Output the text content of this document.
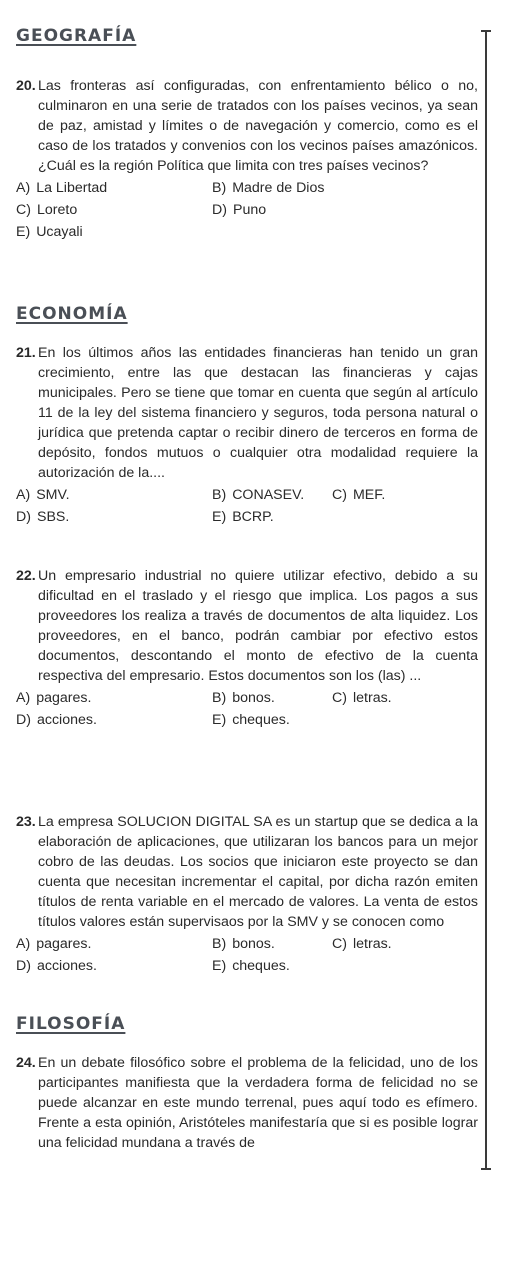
GEOGRAFÍA

20. Las fronteras así configuradas, con enfrentamiento bélico o no, culminaron en una serie de tratados con los países vecinos, ya sean de paz, amistad y límites o de navegación y comercio, como es el caso de los tratados y convenios con los vecinos países amazónicos. ¿Cuál es la región Política que limita con tres países vecinos?

A) La Libertad	B) Madre de Dios
C) Loreto	D) Puno
E) Ucayali
ECONOMÍA

21. En los últimos años las entidades financieras han tenido un gran crecimiento, entre las que destacan las financieras y cajas municipales. Pero se tiene que tomar en cuenta que según al artículo 11 de la ley del sistema financiero y seguros, toda persona natural o jurídica que pretenda captar o recibir dinero de terceros en forma de depósito, fondos mutuos o cualquier otra modalidad requiere la autorización de la....

A) SMV.	B) CONASEV. C) MEF.
D) SBS.	E) BCRP.

22. Un empresario industrial no quiere utilizar efectivo, debido a su dificultad en el traslado y el riesgo que implica. Los pagos a sus proveedores los realiza a través de documentos de alta liquidez. Los proveedores, en el banco, podrán cambiar por efectivo estos documentos, descontando el monto de efectivo de la cuenta respectiva del empresario. Estos documentos son los (las) ...

A) pagares.	B) bonos.	C) letras.
D) acciones.	E) cheques.

23. La empresa SOLUCION DIGITAL SA es un startup que se dedica a la elaboración de aplicaciones, que utilizaran los bancos para un mejor cobro de las deudas. Los socios que iniciaron este proyecto se dan cuenta que necesitan incrementar el capital, por dicha razón emiten títulos de renta variable en el mercado de valores. La venta de estos títulos valores están supervisaos por la SMV y se conocen como

A) pagares.	B) bonos.	C) letras.
D) acciones.	E) cheques.
FILOSOFÍA

24. En un debate filosófico sobre el problema de la felicidad, uno de los participantes manifiesta que la verdadera forma de felicidad no se puede alcanzar en este mundo terrenal, pues aquí todo es efímero. Frente a esta opinión, Aristóteles manifestaría que si es posible lograr una felicidad mundana a través de
